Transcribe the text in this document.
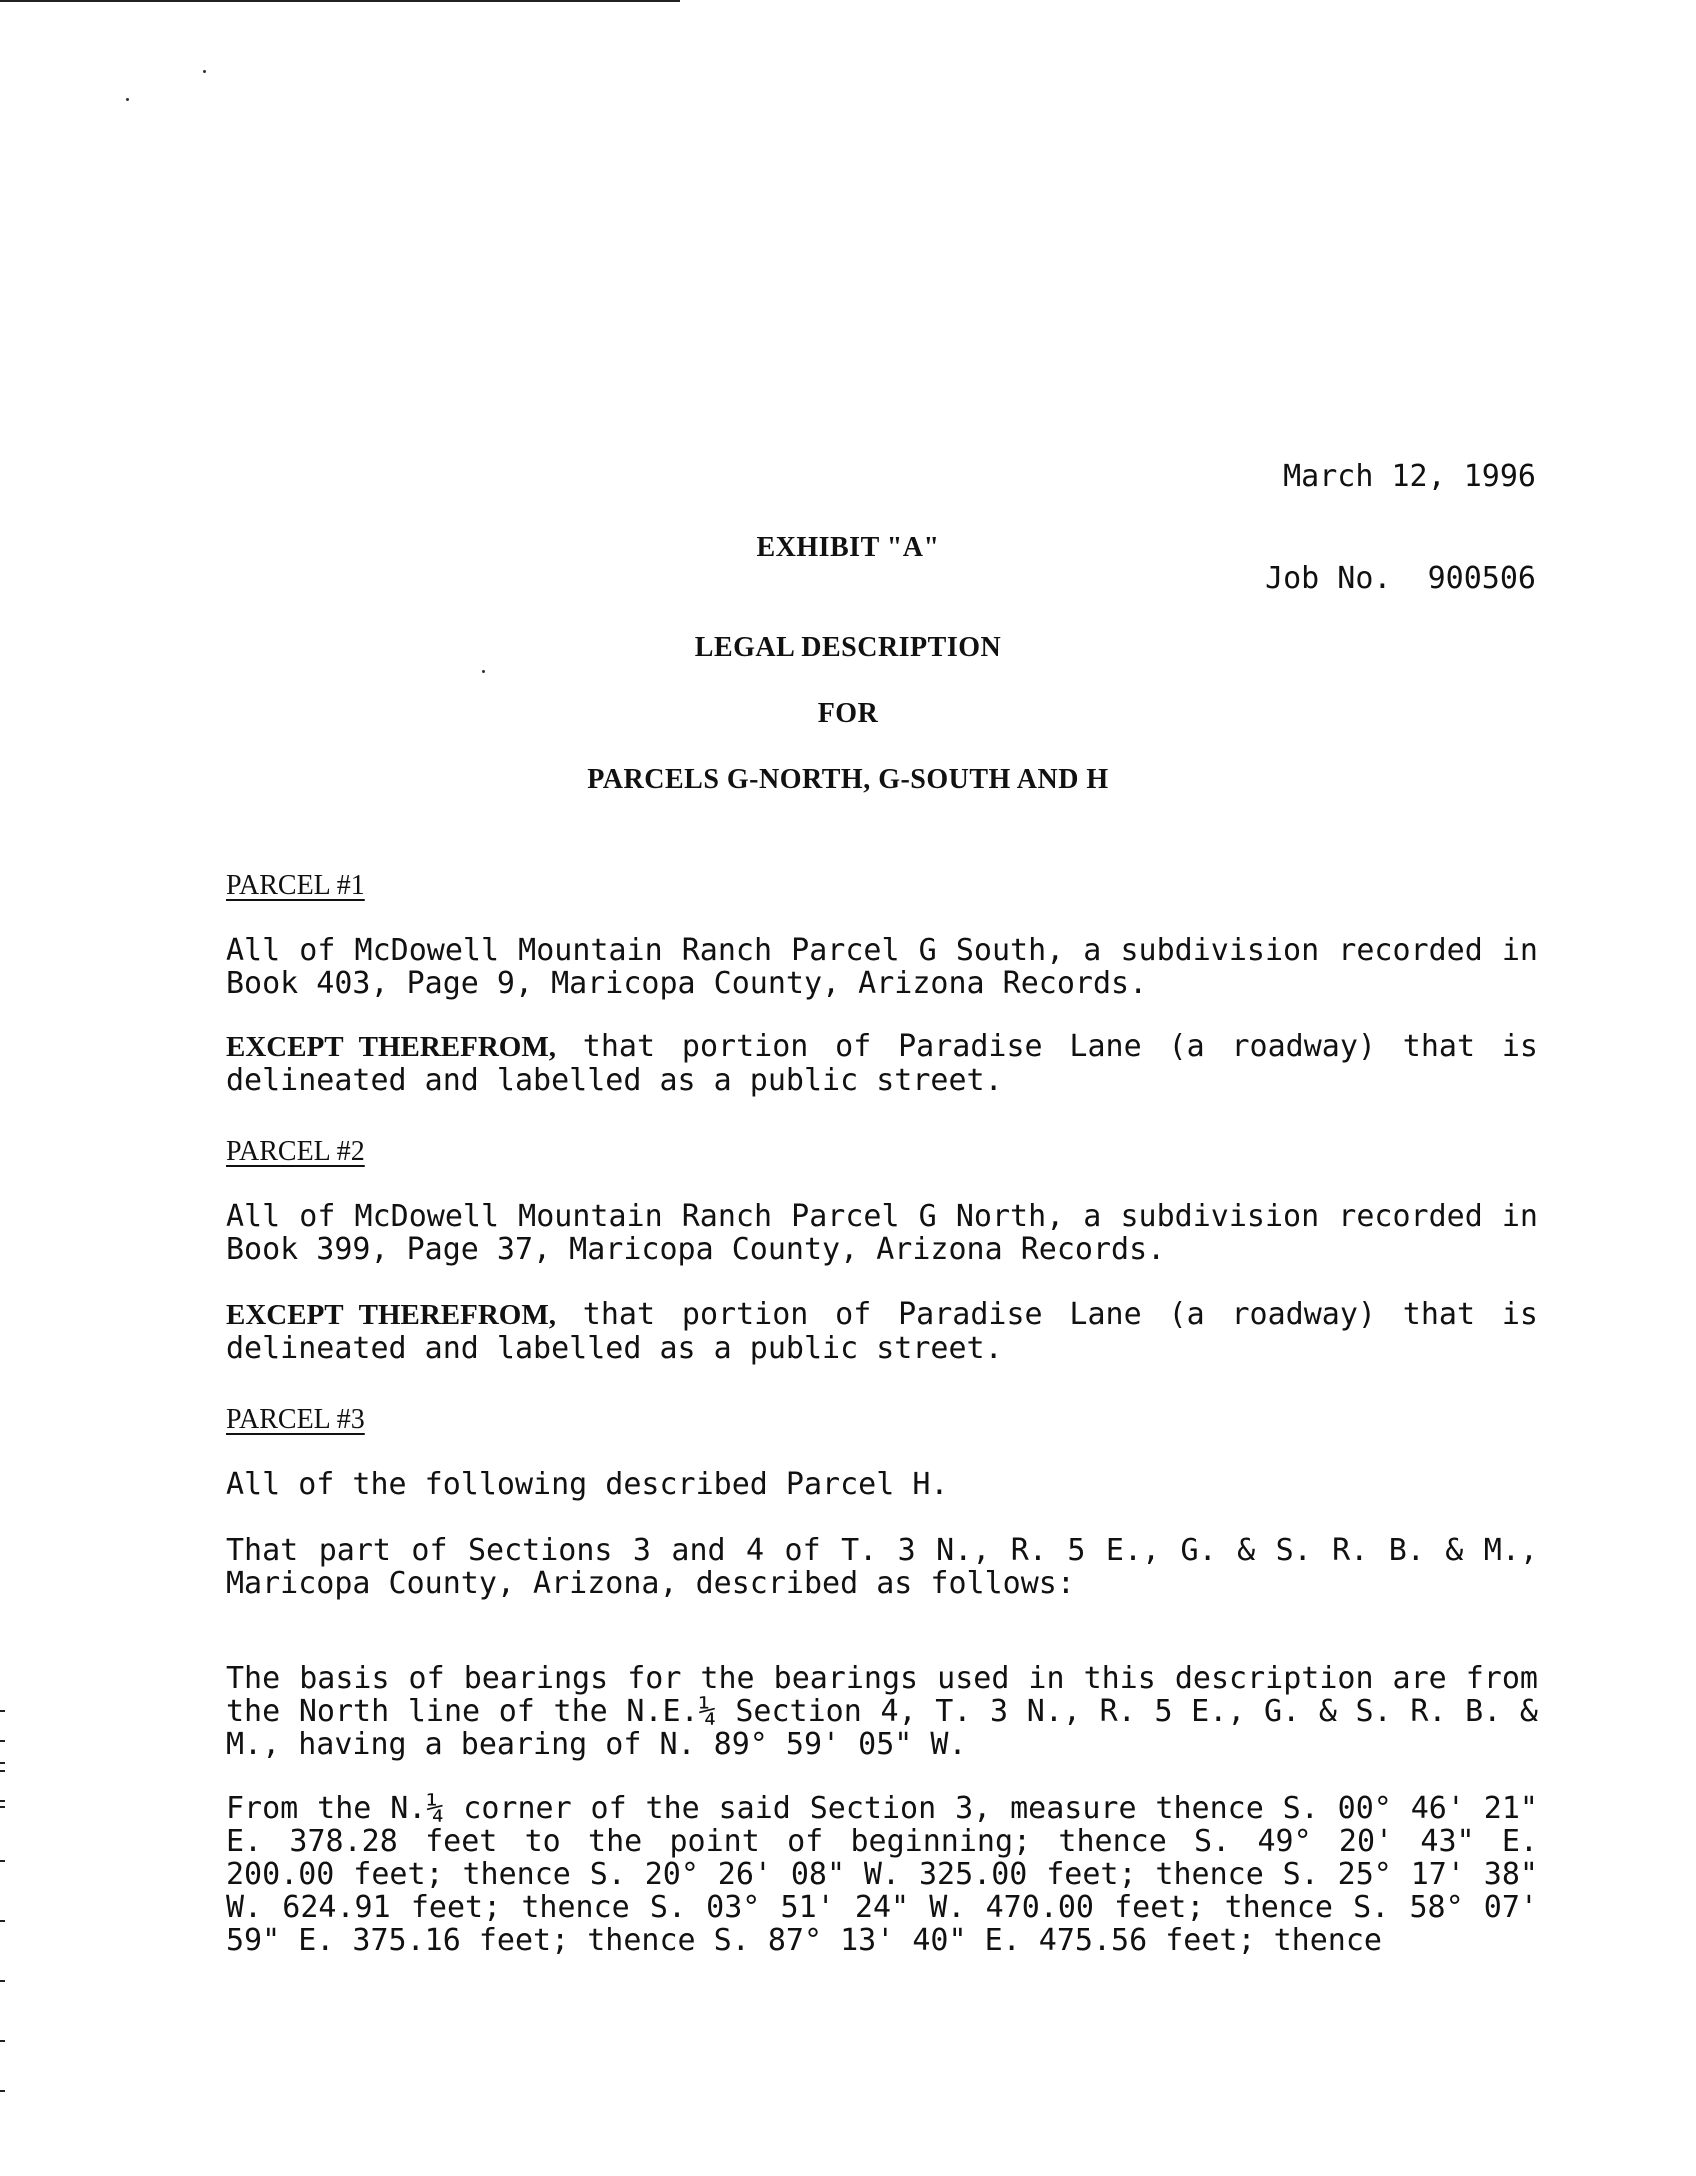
March 12, 1996

Job No. 900506

EXHIBIT "A"
LEGAL DESCRIPTION
FOR
PARCELS G-NORTH, G-SOUTH AND H
PARCEL #1
All of McDowell Mountain Ranch Parcel G South, a subdivision recorded in Book 403, Page 9, Maricopa County, Arizona Records.
EXCEPT THEREFROM, that portion of Paradise Lane (a roadway) that is delineated and labelled as a public street.
PARCEL #2
All of McDowell Mountain Ranch Parcel G North, a subdivision recorded in Book 399, Page 37, Maricopa County, Arizona Records.
EXCEPT THEREFROM, that portion of Paradise Lane (a roadway) that is delineated and labelled as a public street.
PARCEL #3
All of the following described Parcel H.
That part of Sections 3 and 4 of T. 3 N., R. 5 E., G. & S. R. B. & M., Maricopa County, Arizona, described as follows:
The basis of bearings for the bearings used in this description are from the North line of the N.E.¼ Section 4, T. 3 N., R. 5 E., G. & S. R. B. & M., having a bearing of N. 89° 59' 05" W.
From the N.¼ corner of the said Section 3, measure thence S. 00° 46' 21" E. 378.28 feet to the point of beginning; thence S. 49° 20' 43" E. 200.00 feet; thence S. 20° 26' 08" W. 325.00 feet; thence S. 25° 17' 38" W. 624.91 feet; thence S. 03° 51' 24" W. 470.00 feet; thence S. 58° 07' 59" E. 375.16 feet; thence S. 87° 13' 40" E. 475.56 feet; thence
